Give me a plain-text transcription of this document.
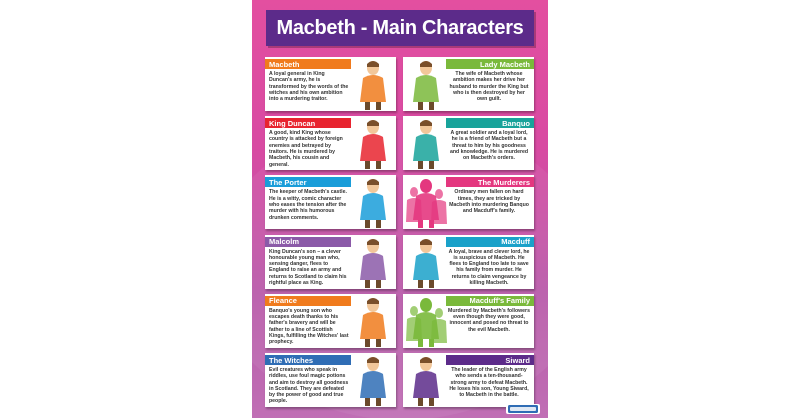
Macbeth - Main Characters
Macbeth
A loyal general in King Duncan's army, he is transformed by the words of the witches and his own ambition into a murdering traitor.
Lady Macbeth
The wife of Macbeth whose ambition makes her drive her husband to murder the King but who is then destroyed by her own guilt.
King Duncan
A good, kind King whose country is attacked by foreign enemies and betrayed by traitors. He is murdered by Macbeth, his cousin and general.
Banquo
A great soldier and a loyal lord, he is a friend of Macbeth but a threat to him by his goodness and knowledge. He is murdered on Macbeth's orders.
The Porter
The keeper of Macbeth's castle. He is a witty, comic character who eases the tension after the murder with his humorous drunken comments.
The Murderers
Ordinary men fallen on hard times, they are tricked by Macbeth into murdering Banquo and Macduff's family.
Malcolm
King Duncan's son – a clever honourable young man who, sensing danger, flees to England to raise an army and returns to Scotland to claim his rightful place as King.
Macduff
A loyal, brave and clever lord, he is suspicious of Macbeth. He flees to England too late to save his family from murder. He returns to claim vengeance by killing Macbeth.
Fleance
Banquo's young son who escapes death thanks to his father's bravery and will be father to a line of Scottish Kings, fulfilling the Witches' last prophecy.
Macduff's Family
Murdered by Macbeth's followers even though they were good, innocent and posed no threat to the evil Macbeth.
The Witches
Evil creatures who speak in riddles, use foul magic potions and aim to destroy all goodness in Scotland. They are defeated by the power of good and true people.
Siward
The leader of the English army who sends a ten-thousand-strong army to defeat Macbeth. He loses his son, Young Siward, to Macbeth in the battle.
